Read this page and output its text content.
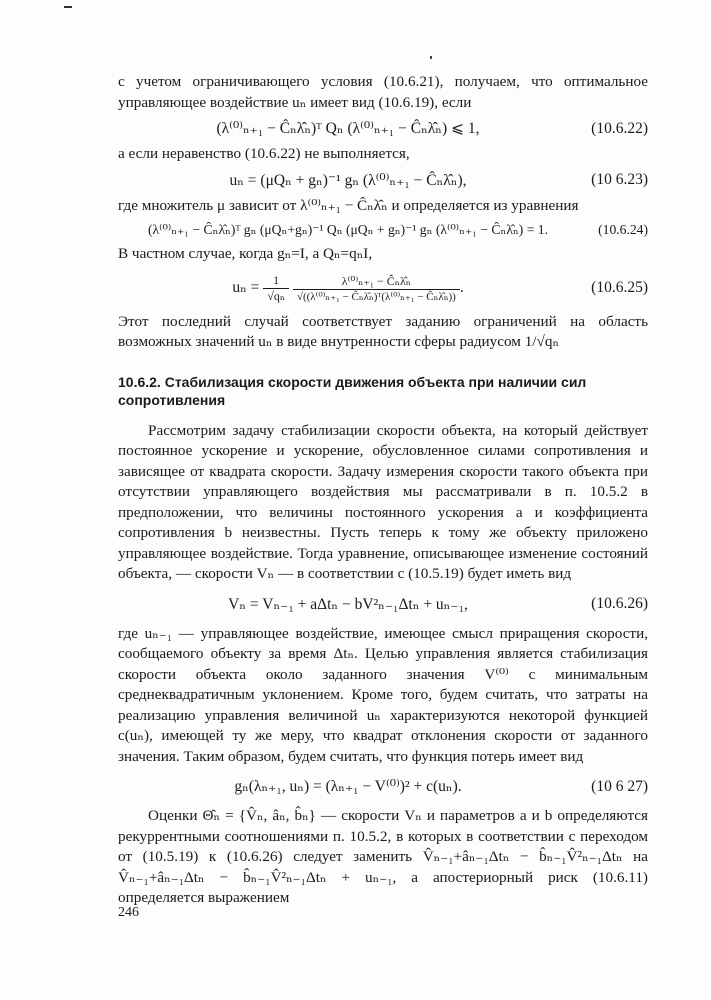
с учетом ограничивающего условия (10.6.21), получаем, что оптимальное управляющее воздействие uₙ имеет вид (10.6.19), если

(λ⁽⁰⁾ₙ₊₁ − Ĉₙλ̂ₙ)ᵀ Qₙ (λ⁽⁰⁾ₙ₊₁ − Ĉₙλ̂ₙ) ⩽ 1,	(10.6.22)

а если неравенство (10.6.22) не выполняется,

uₙ = (μQₙ + gₙ)⁻¹ gₙ (λ⁽⁰⁾ₙ₊₁ − Ĉₙλ̂ₙ),	(10 6.23)

где множитель μ зависит от λ⁽⁰⁾ₙ₊₁ − Ĉₙλ̂ₙ и определяется из уравнения

(λ⁽⁰⁾ₙ₊₁ − Ĉₙλ̂ₙ)ᵀ gₙ (μQₙ+gₙ)⁻¹ Qₙ (μQₙ + gₙ)⁻¹ gₙ (λ⁽⁰⁾ₙ₊₁ − Ĉₙλ̂ₙ) = 1.	(10.6.24)

В частном случае, когда gₙ=I, а Qₙ=qₙI,

$u_n = \frac{1}{\text{√qₙ}}$
$\frac{\text{λ⁽⁰⁾ₙ₊₁ − Ĉₙλ̂ₙ}}{\text{√((λ⁽⁰⁾ₙ₊₁ − Ĉₙλ̂ₙ)ᵀ(λ⁽⁰⁾ₙ₊₁ − Ĉₙλ̂ₙ))}}$ .	(10.6.25)

Этот последний случай соответствует заданию ограничений на область возможных значений uₙ в виде внутренности сферы радиусом 1/√qₙ

10.6.2. Стабилизация скорости движения объекта при наличии сил сопротивления

Рассмотрим задачу стабилизации скорости объекта, на который действует постоянное ускорение и ускорение, обусловленное силами сопротивления и зависящее от квадрата скорости. Задачу измерения скорости такого объекта при отсутствии управляющего воздействия мы рассматривали в п. 10.5.2 в предположении, что величины постоянного ускорения a и коэффициента сопротивления b неизвестны. Пусть теперь к тому же объекту приложено управляющее воздействие. Тогда уравнение, описывающее изменение состояний объекта, — скорости Vₙ — в соответствии с (10.5.19) будет иметь вид

Vₙ = Vₙ₋₁ + aΔtₙ − bV²ₙ₋₁Δtₙ + uₙ₋₁,	(10.6.26)

где uₙ₋₁ — управляющее воздействие, имеющее смысл приращения скорости, сообщаемого объекту за время Δtₙ. Целью управления является стабилизация скорости объекта около заданного значения V⁽⁰⁾ с минимальным среднеквадратичным уклонением. Кроме того, будем считать, что затраты на реализацию управления величиной uₙ характеризуются некоторой функцией c(uₙ), имеющей ту же меру, что квадрат отклонения скорости от заданного значения. Таким образом, будем считать, что функция потерь имеет вид

gₙ(λₙ₊₁, uₙ) = (λₙ₊₁ − V⁽⁰⁾)² + c(uₙ).	(10 6 27)

Оценки Θ̂ₙ = {V̂ₙ, âₙ, b̂ₙ} — скорости Vₙ и параметров a и b определяются рекуррентными соотношениями п. 10.5.2, в которых в соответствии с переходом от (10.5.19) к (10.6.26) следует заменить V̂ₙ₋₁+âₙ₋₁Δtₙ − b̂ₙ₋₁V̂²ₙ₋₁Δtₙ на V̂ₙ₋₁+âₙ₋₁Δtₙ − b̂ₙ₋₁V̂²ₙ₋₁Δtₙ + uₙ₋₁, а апостериорный риск (10.6.11) определяется выражением

246
